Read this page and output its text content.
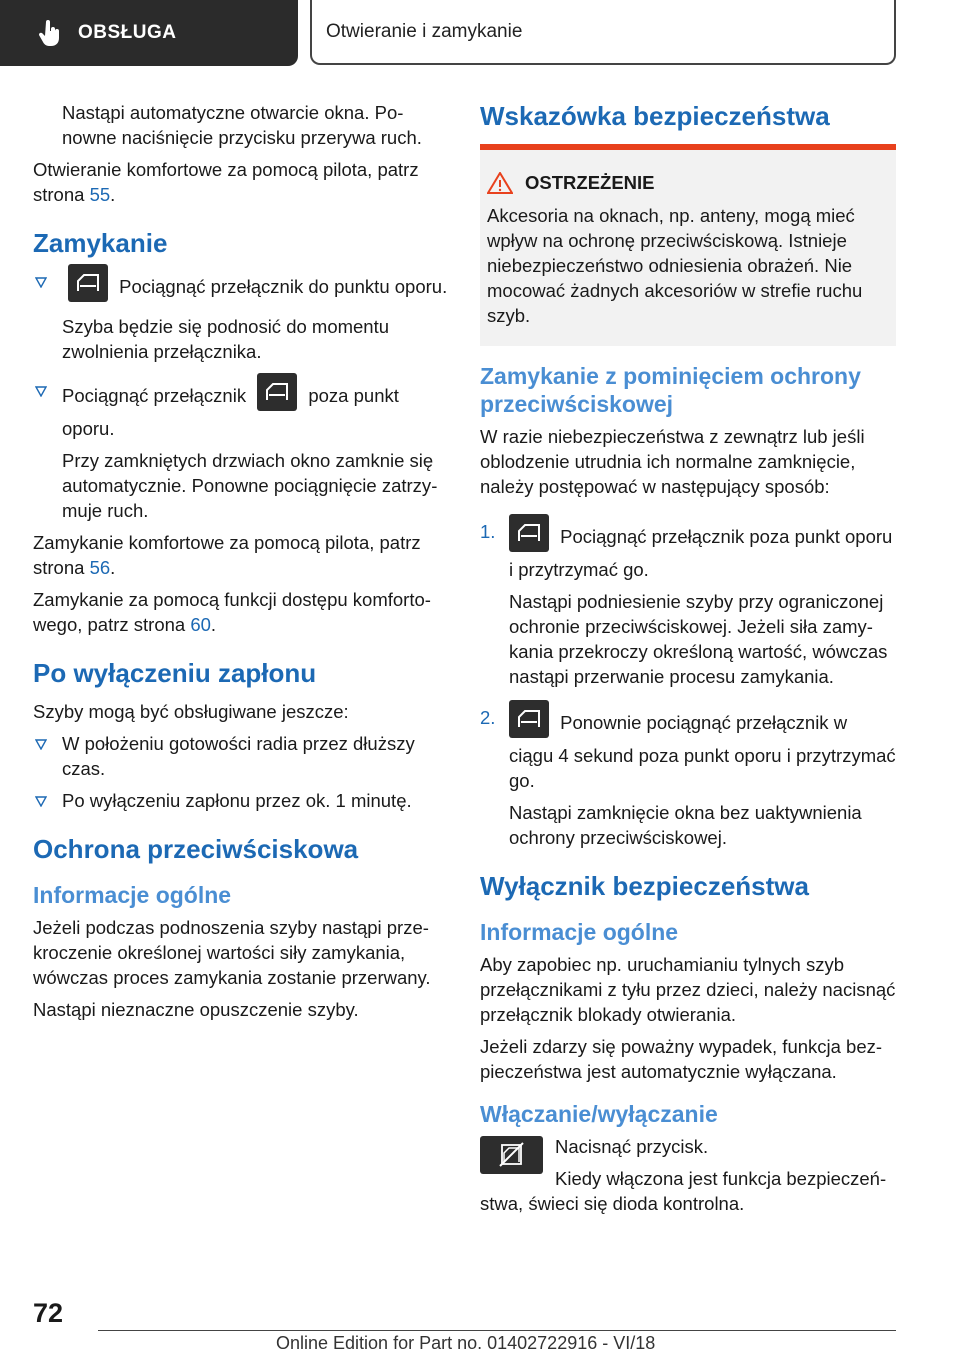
OBSŁUGA	Otwieranie i zamykanie

Nastąpi automatyczne otwarcie okna. Ponowne naciśnięcie przycisku przerywa ruch.

Otwieranie komfortowe za pomocą pilota, patrz strona 55.

Zamykanie
Pociągnąć przełącznik do punktu oporu.

Szyba będzie się podnosić do momentu zwolnienia przełącznika.

Pociągnąć przełącznik	poza punkt oporu.

Przy zamkniętych drzwiach okno zamknie się automatycznie. Ponowne pociągnięcie zatrzymuje ruch.

Zamykanie komfortowe za pomocą pilota, patrz strona 56.

Zamykanie za pomocą funkcji dostępu komfortowego, patrz strona 60.

Po wyłączeniu zapłonu

Szyby mogą być obsługiwane jeszcze:

W położeniu gotowości radia przez dłuższy czas.
Po wyłączeniu zapłonu przez ok. 1 minutę.
Ochrona przeciwściskowa
Informacje ogólne

Jeżeli podczas podnoszenia szyby nastąpi przekroczenie określonej wartości siły zamykania, wówczas proces zamykania zostanie przerwany.

Nastąpi nieznaczne opuszczenie szyby.

Wskazówka bezpieczeństwa
OSTRZEŻENIE

Akcesoria na oknach, np. anteny, mogą mieć wpływ na ochronę przeciwściskową. Istnieje niebezpieczeństwo odniesienia obrażeń. Nie mocować żadnych akcesoriów w strefie ruchu szyb.

Zamykanie z pominięciem ochrony przeciwściskowej

W razie niebezpieczeństwa z zewnątrz lub jeśli oblodzenie utrudnia ich normalne zamknięcie, należy postępować w następujący sposób:

1.	Pociągnąć przełącznik poza punkt oporu i przytrzymać go.

Nastąpi podniesienie szyby przy ograniczonej ochronie przeciwściskowej. Jeżeli siła zamykania przekroczy określoną wartość, wówczas nastąpi przerwanie procesu zamykania.

2.	Ponownie pociągnąć przełącznik w ciągu 4 sekund poza punkt oporu i przytrzymać go.

Nastąpi zamknięcie okna bez uaktywnienia ochrony przeciwściskowej.

Wyłącznik bezpieczeństwa
Informacje ogólne

Aby zapobiec np. uruchamianiu tylnych szyb przełącznikami z tyłu przez dzieci, należy nacisnąć przełącznik blokady otwierania.

Jeżeli zdarzy się poważny wypadek, funkcja bezpieczeństwa jest automatycznie wyłączana.

Włączanie/wyłączanie

Nacisnąć przycisk.

Kiedy włączona jest funkcja bezpieczeństwa, świeci się dioda kontrolna.

72
Online Edition for Part no. 01402722916 - VI/18
